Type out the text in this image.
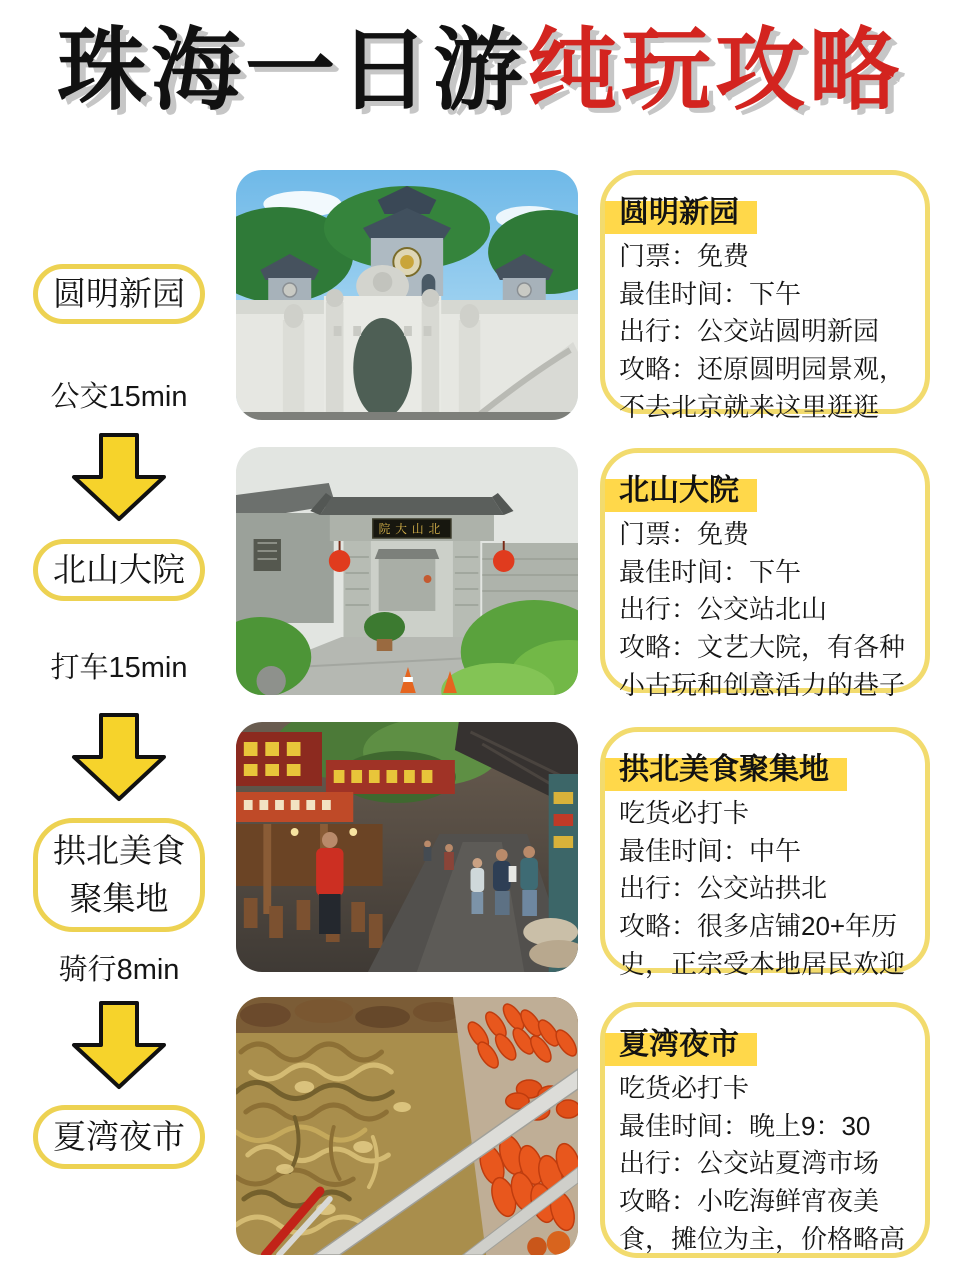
珠海一日游纯玩攻略
圆明新园
公交15min
北山大院
打车15min
拱北美食
聚集地
骑行8min
夏湾夜市
院大山北
圆明新园

门票：免费

最佳时间：下午

出行：公交站圆明新园

攻略：还原圆明园景观，不去北京就来这里逛逛

北山大院

门票：免费

最佳时间：下午

出行：公交站北山

攻略：文艺大院，有各种小古玩和创意活力的巷子

拱北美食聚集地

吃货必打卡

最佳时间：中午

出行：公交站拱北

攻略：很多店铺20+年历史，正宗受本地居民欢迎

夏湾夜市

吃货必打卡

最佳时间：晚上9：30

出行：公交站夏湾市场

攻略：小吃海鲜宵夜美食，摊位为主，价格略高
